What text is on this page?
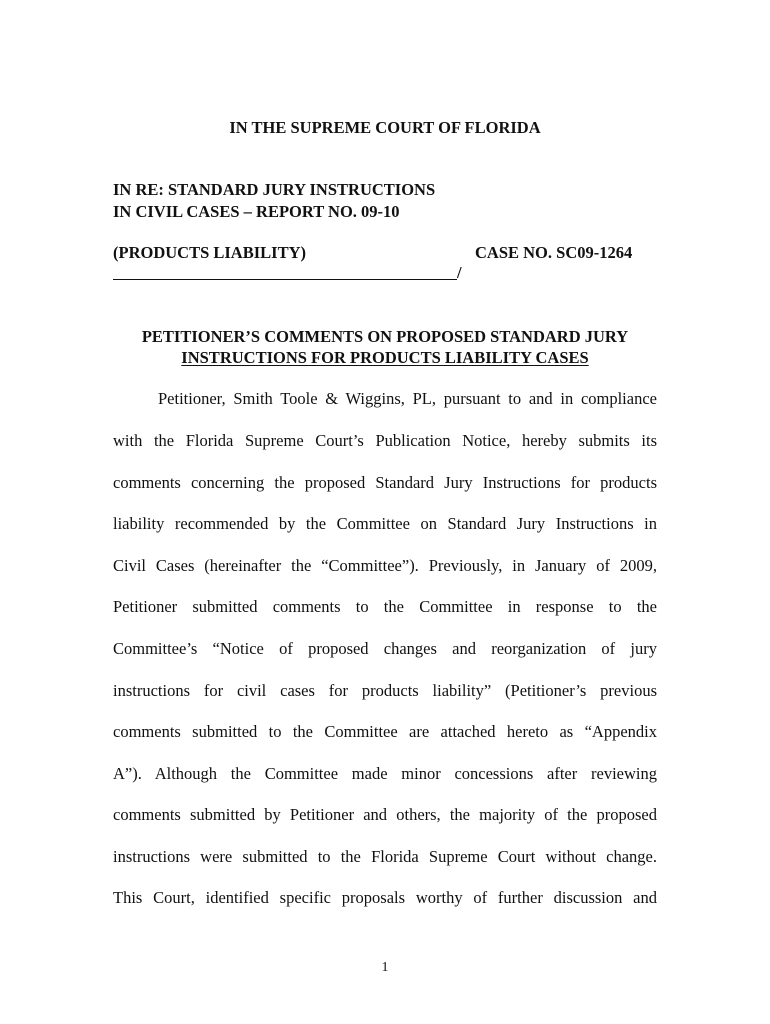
IN THE SUPREME COURT OF FLORIDA
IN RE: STANDARD JURY INSTRUCTIONS
IN CIVIL CASES – REPORT NO. 09-10
(PRODUCTS LIABILITY)	CASE NO. SC09-1264
/
PETITIONER’S COMMENTS ON PROPOSED STANDARD JURY
INSTRUCTIONS FOR PRODUCTS LIABILITY CASES
Petitioner, Smith Toole & Wiggins, PL, pursuant to and in compliance
with the Florida Supreme Court’s Publication Notice, hereby submits its
comments concerning the proposed Standard Jury Instructions for products
liability recommended by the Committee on Standard Jury Instructions in
Civil Cases (hereinafter the “Committee”). Previously, in January of 2009,
Petitioner submitted comments to the Committee in response to the
Committee’s “Notice of proposed changes and reorganization of jury
instructions for civil cases for products liability” (Petitioner’s previous
comments submitted to the Committee are attached hereto as “Appendix
A”). Although the Committee made minor concessions after reviewing
comments submitted by Petitioner and others, the majority of the proposed
instructions were submitted to the Florida Supreme Court without change.
This Court, identified specific proposals worthy of further discussion and
1
